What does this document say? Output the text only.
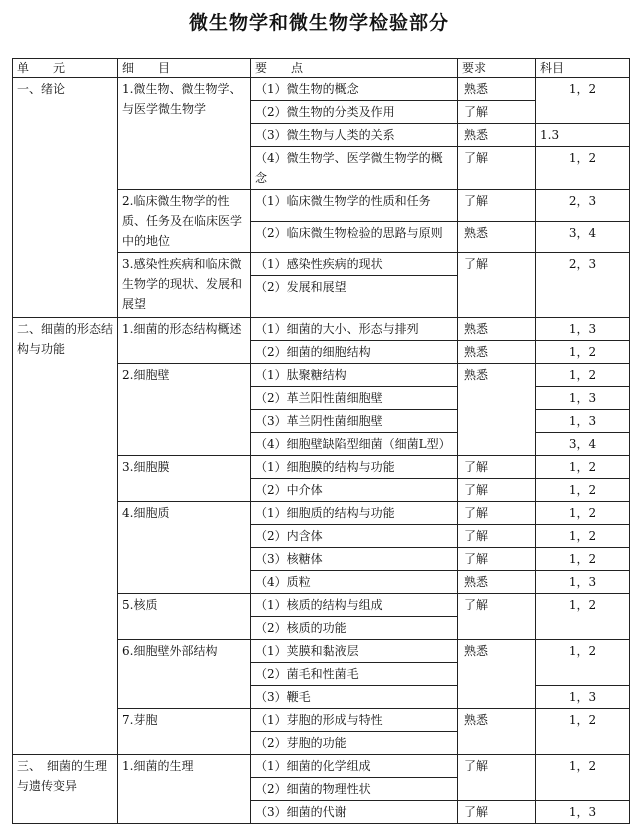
微生物学和微生物学检验部分
单　　元	细　　目	要　　点	要求	科目
一、绪论	1.微生物、微生物学、与医学微生物学	（1）微生物的概念	熟悉	1，2
		（2）微生物的分类及作用	了解	
		（3）微生物与人类的关系	熟悉	1.3
		（4）微生物学、医学微生物学的概念	了解	1，2
	2.临床微生物学的性质、任务及在临床医学中的地位	（1）临床微生物学的性质和任务	了解	2，3
		（2）临床微生物检验的思路与原则	熟悉	3，4
	3.感染性疾病和临床微生物学的现状、发展和展望	（1）感染性疾病的现状	了解	2，3
		（2）发展和展望		
二、细菌的形态结构与功能	1.细菌的形态结构概述	（1）细菌的大小、形态与排列	熟悉	1，3
		（2）细菌的细胞结构	熟悉	1，2
	2.细胞壁	（1）肽聚糖结构	熟悉	1，2
		（2）革兰阳性菌细胞壁		1，3
		（3）革兰阴性菌细胞壁		1，3
		（4）细胞壁缺陷型细菌（细菌L型）		3，4
	3.细胞膜	（1）细胞膜的结构与功能	了解	1，2
		（2）中介体	了解	1，2
	4.细胞质	（1）细胞质的结构与功能	了解	1，2
		（2）内含体	了解	1，2
		（3）核糖体	了解	1，2
		（4）质粒	熟悉	1，3
	5.核质	（1）核质的结构与组成	了解	1，2
		（2）核质的功能		
	6.细胞壁外部结构	（1）荚膜和黏液层	熟悉	1，2
		（2）菌毛和性菌毛		
		（3）鞭毛		1，3
	7.芽胞	（1）芽胞的形成与特性	熟悉	1，2
		（2）芽胞的功能		
三、　细菌的生理与遗传变异	1.细菌的生理	（1）细菌的化学组成	了解	1，2
		（2）细菌的物理性状		
		（3）细菌的代谢	了解	1，3
